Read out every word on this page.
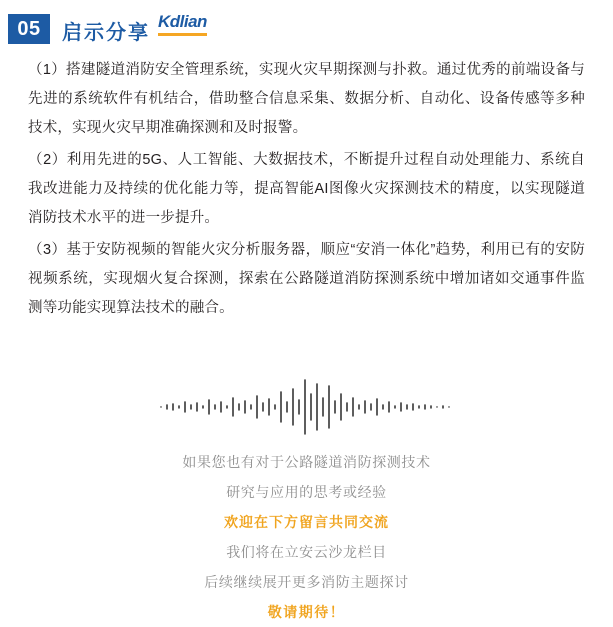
05	启示分享 Kdlian

（1）搭建隧道消防安全管理系统，实现火灾早期探测与扑救。通过优秀的前端设备与先进的系统软件有机结合，借助整合信息采集、数据分析、自动化、设备传感等多种技术，实现火灾早期准确探测和及时报警。

（2）利用先进的5G、人工智能、大数据技术，不断提升过程自动处理能力、系统自我改进能力及持续的优化能力等，提高智能AI图像火灾探测技术的精度，以实现隧道消防技术水平的进一步提升。

（3）基于安防视频的智能火灾分析服务器，顺应“安消一体化”趋势，利用已有的安防视频系统，实现烟火复合探测，探索在公路隧道消防探测系统中增加诸如交通事件监测等功能实现算法技术的融合。

如果您也有对于公路隧道消防探测技术
研究与应用的思考或经验
欢迎在下方留言共同交流
我们将在立安云沙龙栏目
后续继续展开更多消防主题探讨
敬请期待！
